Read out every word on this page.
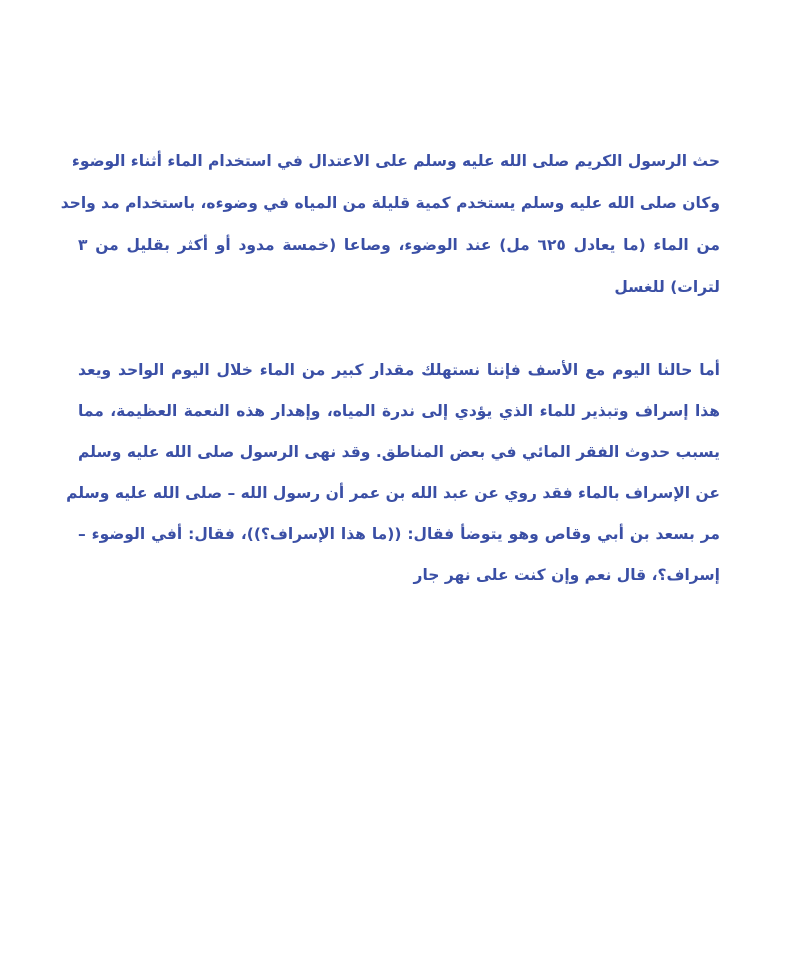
حث الرسول الكريم صلى الله عليه وسلم على الاعتدال في استخدام الماء أثناء الوضوء
وكان صلى الله عليه وسلم يستخدم كمية قليلة من المياه في وضوءه، باستخدام مد واحد
من الماء (ما يعادل ٦٢٥ مل) عند الوضوء، وصاعا (خمسة مدود أو أكثر بقليل من ٣
لترات) للغسل
أما حالنا اليوم مع الأسف فإننا نستهلك مقدار كبير من الماء خلال اليوم الواحد ويعد
هذا إسراف وتبذير للماء الذي يؤدي إلى ندرة المياه، وإهدار هذه النعمة العظيمة، مما
يسبب حدوث الفقر المائي في بعض المناطق. وقد نهى الرسول صلى الله عليه وسلم
عن الإسراف بالماء فقد روي عن عبد الله بن عمر أن رسول الله – صلى الله عليه وسلم
مر بسعد بن أبي وقاص وهو يتوضأ فقال: ((ما هذا الإسراف؟))، فقال: أفي الوضوء –
إسراف؟، قال نعم وإن كنت على نهر جار
